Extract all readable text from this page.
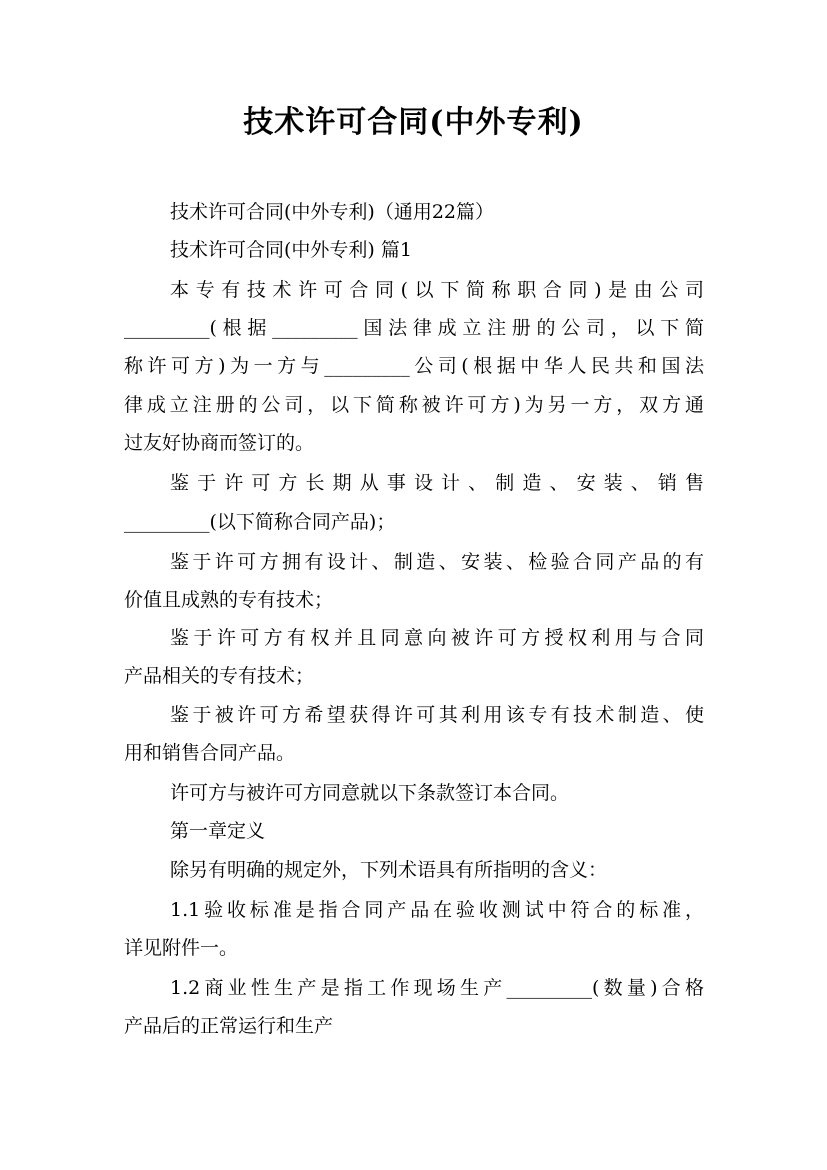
技术许可合同(中外专利)
技术许可合同(中外专利)（通用22篇）
技术许可合同(中外专利) 篇1
本专有技术许可合同(以下简称职合同)是由公司
_________(根据_________国法律成立注册的公司，以下简
称许可方)为一方与_________公司(根据中华人民共和国法
律成立注册的公司，以下简称被许可方)为另一方，双方通
过友好协商而签订的。
鉴于许可方长期从事设计、制造、安装、销售
_________(以下简称合同产品)；
鉴于许可方拥有设计、制造、安装、检验合同产品的有
价值且成熟的专有技术；
鉴于许可方有权并且同意向被许可方授权利用与合同
产品相关的专有技术；
鉴于被许可方希望获得许可其利用该专有技术制造、使
用和销售合同产品。
许可方与被许可方同意就以下条款签订本合同。
第一章定义
除另有明确的规定外，下列术语具有所指明的含义：
1.1验收标准是指合同产品在验收测试中符合的标准，
详见附件一。
1.2商业性生产是指工作现场生产_________(数量)合格
产品后的正常运行和生产
